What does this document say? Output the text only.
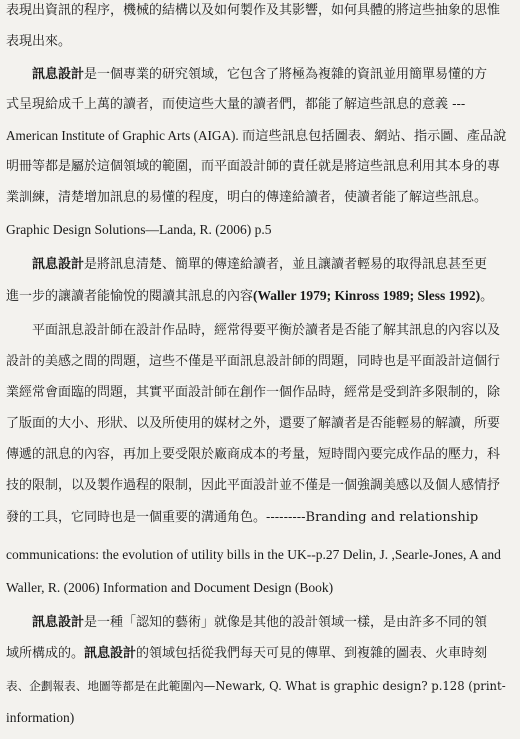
表現出資訊的程序，機械的結構以及如何製作及其影響，如何具體的將這些抽象的思惟
表現出來。
訊息設計是一個專業的研究領域，它包含了將極為複雜的資訊並用簡單易懂的方
式呈現給成千上萬的讀者，而使這些大量的讀者們，都能了解這些訊息的意義 ---
American Institute of Graphic Arts (AIGA). 而這些訊息包括圖表、網站、指示圖、產品說
明冊等都是屬於這個領域的範圍，而平面設計師的責任就是將這些訊息利用其本身的專
業訓練，清楚增加訊息的易懂的程度，明白的傳達給讀者，使讀者能了解這些訊息。
Graphic Design Solutions—Landa, R. (2006) p.5
訊息設計是將訊息清楚、簡單的傳達給讀者，並且讓讀者輕易的取得訊息甚至更
進一步的讓讀者能愉悅的閱讀其訊息的內容(Waller 1979; Kinross 1989; Sless 1992)。
平面訊息設計師在設計作品時，經常得要平衡於讀者是否能了解其訊息的內容以及
設計的美感之間的問題，這些不僅是平面訊息設計師的問題，同時也是平面設計這個行
業經常會面臨的問題，其實平面設計師在創作一個作品時，經常是受到許多限制的，除
了版面的大小、形狀、以及所使用的媒材之外，還要了解讀者是否能輕易的解讀，所要
傳遞的訊息的內容，再加上要受限於廠商成本的考量，短時間內要完成作品的壓力，科
技的限制，以及製作過程的限制，因此平面設計並不僅是一個強調美感以及個人感情抒
發的工具，它同時也是一個重要的溝通角色。---------Branding and relationship
communications: the evolution of utility bills in the UK--p.27 Delin, J. ,Searle-Jones, A and
Waller, R. (2006) Information and Document Design (Book)
訊息設計是一種「認知的藝術」就像是其他的設計領域一樣，是由許多不同的領
域所構成的。訊息設計的領域包括從我們每天可見的傳單、到複雜的圖表、火車時刻
表、企劃報表、地圖等都是在此範圍內—Newark, Q. What is graphic design? p.128 (print-
information)
